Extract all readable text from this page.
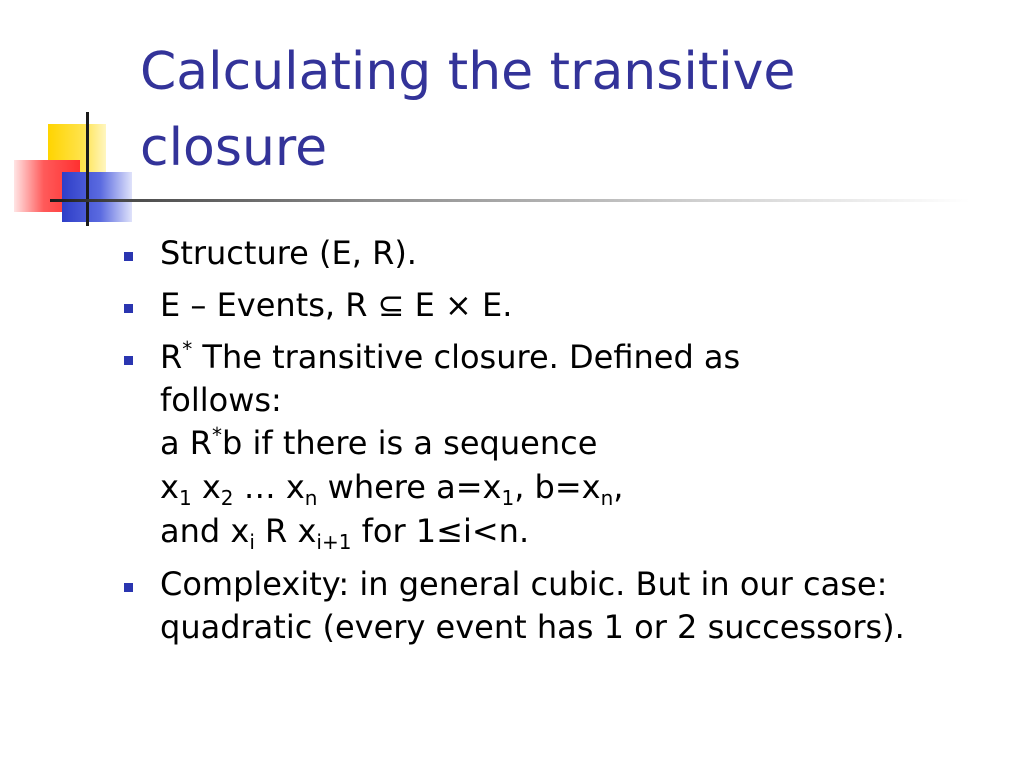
Calculating the transitive
closure
Structure (E, R).
E – Events, R ⊆ E × E.
R* The transitive closure. Defined as
follows:
a R*b if there is a sequence
$x_1$ $x_2$ … $x_n$ where $a=x_1$, $b=x_n$,
and $x_i$ R $x_{i+1}$ for 1≤i<n.
Complexity: in general cubic. But in our case:
quadratic (every event has 1 or 2 successors).
